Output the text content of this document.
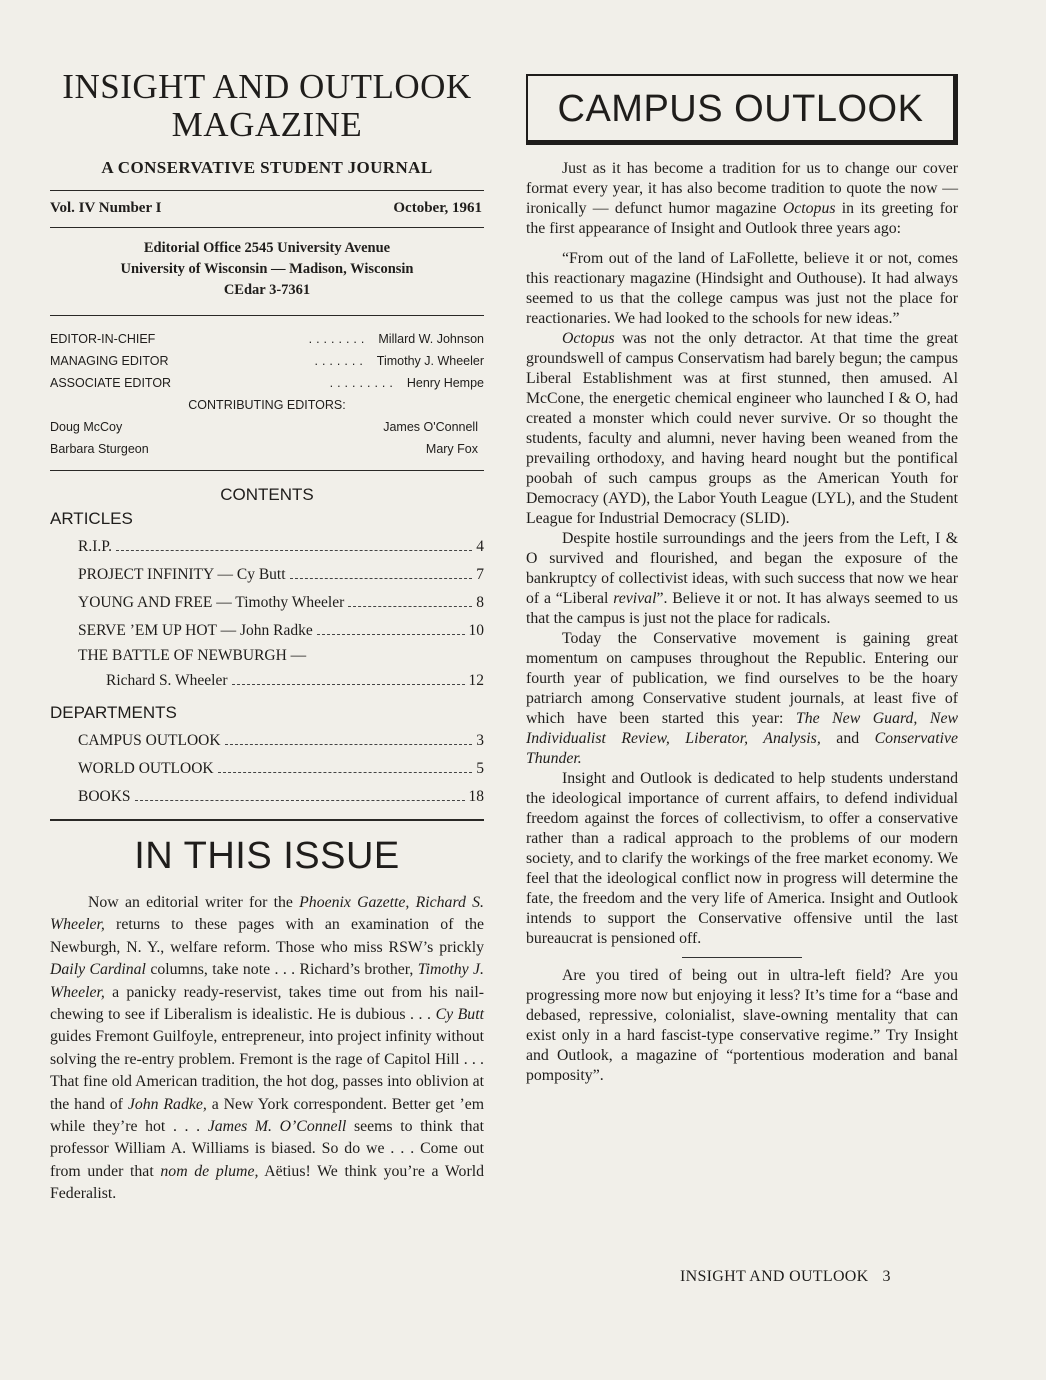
INSIGHT AND OUTLOOK MAGAZINE
A CONSERVATIVE STUDENT JOURNAL
Vol. IV Number I	October, 1961
Editorial Office 2545 University Avenue
University of Wisconsin — Madison, Wisconsin
CEdar 3-7361
EDITOR-IN-CHIEF	........ Millard W. Johnson
MANAGING EDITOR	....... Timothy J. Wheeler
ASSOCIATE EDITOR	......... Henry Hempe
CONTRIBUTING EDITORS:
Doug McCoy	James O'Connell
Barbara Sturgeon	Mary Fox
CONTENTS
ARTICLES
R.I.P.	4
PROJECT INFINITY — Cy Butt	7
YOUNG AND FREE — Timothy Wheeler	8
SERVE ’EM UP HOT — John Radke	10
THE BATTLE OF NEWBURGH —
Richard S. Wheeler	12
DEPARTMENTS
CAMPUS OUTLOOK	3
WORLD OUTLOOK	5
BOOKS	18
IN THIS ISSUE

Now an editorial writer for the Phoenix Gazette, Richard S. Wheeler, returns to these pages with an examination of the Newburgh, N. Y., welfare reform. Those who miss RSW’s prickly Daily Cardinal columns, take note . . . Richard’s brother, Timothy J. Wheeler, a panicky ready-reservist, takes time out from his nail-chewing to see if Liberalism is idealistic. He is dubious . . . Cy Butt guides Fremont Guilfoyle, entrepreneur, into project infinity without solving the re-entry problem. Fremont is the rage of Capitol Hill . . . That fine old American tradition, the hot dog, passes into oblivion at the hand of John Radke, a New York correspondent. Better get ’em while they’re hot . . . James M. O’Connell seems to think that professor William A. Williams is biased. So do we . . . Come out from under that nom de plume, Aëtius! We think you’re a World Federalist.

CAMPUS OUTLOOK

Just as it has become a tradition for us to change our cover format every year, it has also become tradition to quote the now — ironically — defunct humor magazine Octopus in its greeting for the first appearance of Insight and Outlook three years ago:

“From out of the land of LaFollette, believe it or not, comes this reactionary magazine (Hindsight and Outhouse). It had always seemed to us that the college campus was just not the place for reactionaries. We had looked to the schools for new ideas.”

Octopus was not the only detractor. At that time the great groundswell of campus Conservatism had barely begun; the campus Liberal Establishment was at first stunned, then amused. Al McCone, the energetic chemical engineer who launched I & O, had created a monster which could never survive. Or so thought the students, faculty and alumni, never having been weaned from the prevailing orthodoxy, and having heard nought but the pontifical poobah of such campus groups as the American Youth for Democracy (AYD), the Labor Youth League (LYL), and the Student League for Industrial Democracy (SLID).

Despite hostile surroundings and the jeers from the Left, I & O survived and flourished, and began the exposure of the bankruptcy of collectivist ideas, with such success that now we hear of a “Liberal revival”. Believe it or not. It has always seemed to us that the campus is just not the place for radicals.

Today the Conservative movement is gaining great momentum on campuses throughout the Republic. Entering our fourth year of publication, we find ourselves to be the hoary patriarch among Conservative student journals, at least five of which have been started this year: The New Guard, New Individualist Review, Liberator, Analysis, and Conservative Thunder.

Insight and Outlook is dedicated to help students understand the ideological importance of current affairs, to defend individual freedom against the forces of collectivism, to offer a conservative rather than a radical approach to the problems of our modern society, and to clarify the workings of the free market economy. We feel that the ideological conflict now in progress will determine the fate, the freedom and the very life of America. Insight and Outlook intends to support the Conservative offensive until the last bureaucrat is pensioned off.

Are you tired of being out in ultra-left field? Are you progressing more now but enjoying it less? It’s time for a “base and debased, repressive, colonialist, slave-owning mentality that can exist only in a hard fascist-type conservative regime.” Try Insight and Outlook, a magazine of “portentious moderation and banal pomposity”.

INSIGHT AND OUTLOOK 3
